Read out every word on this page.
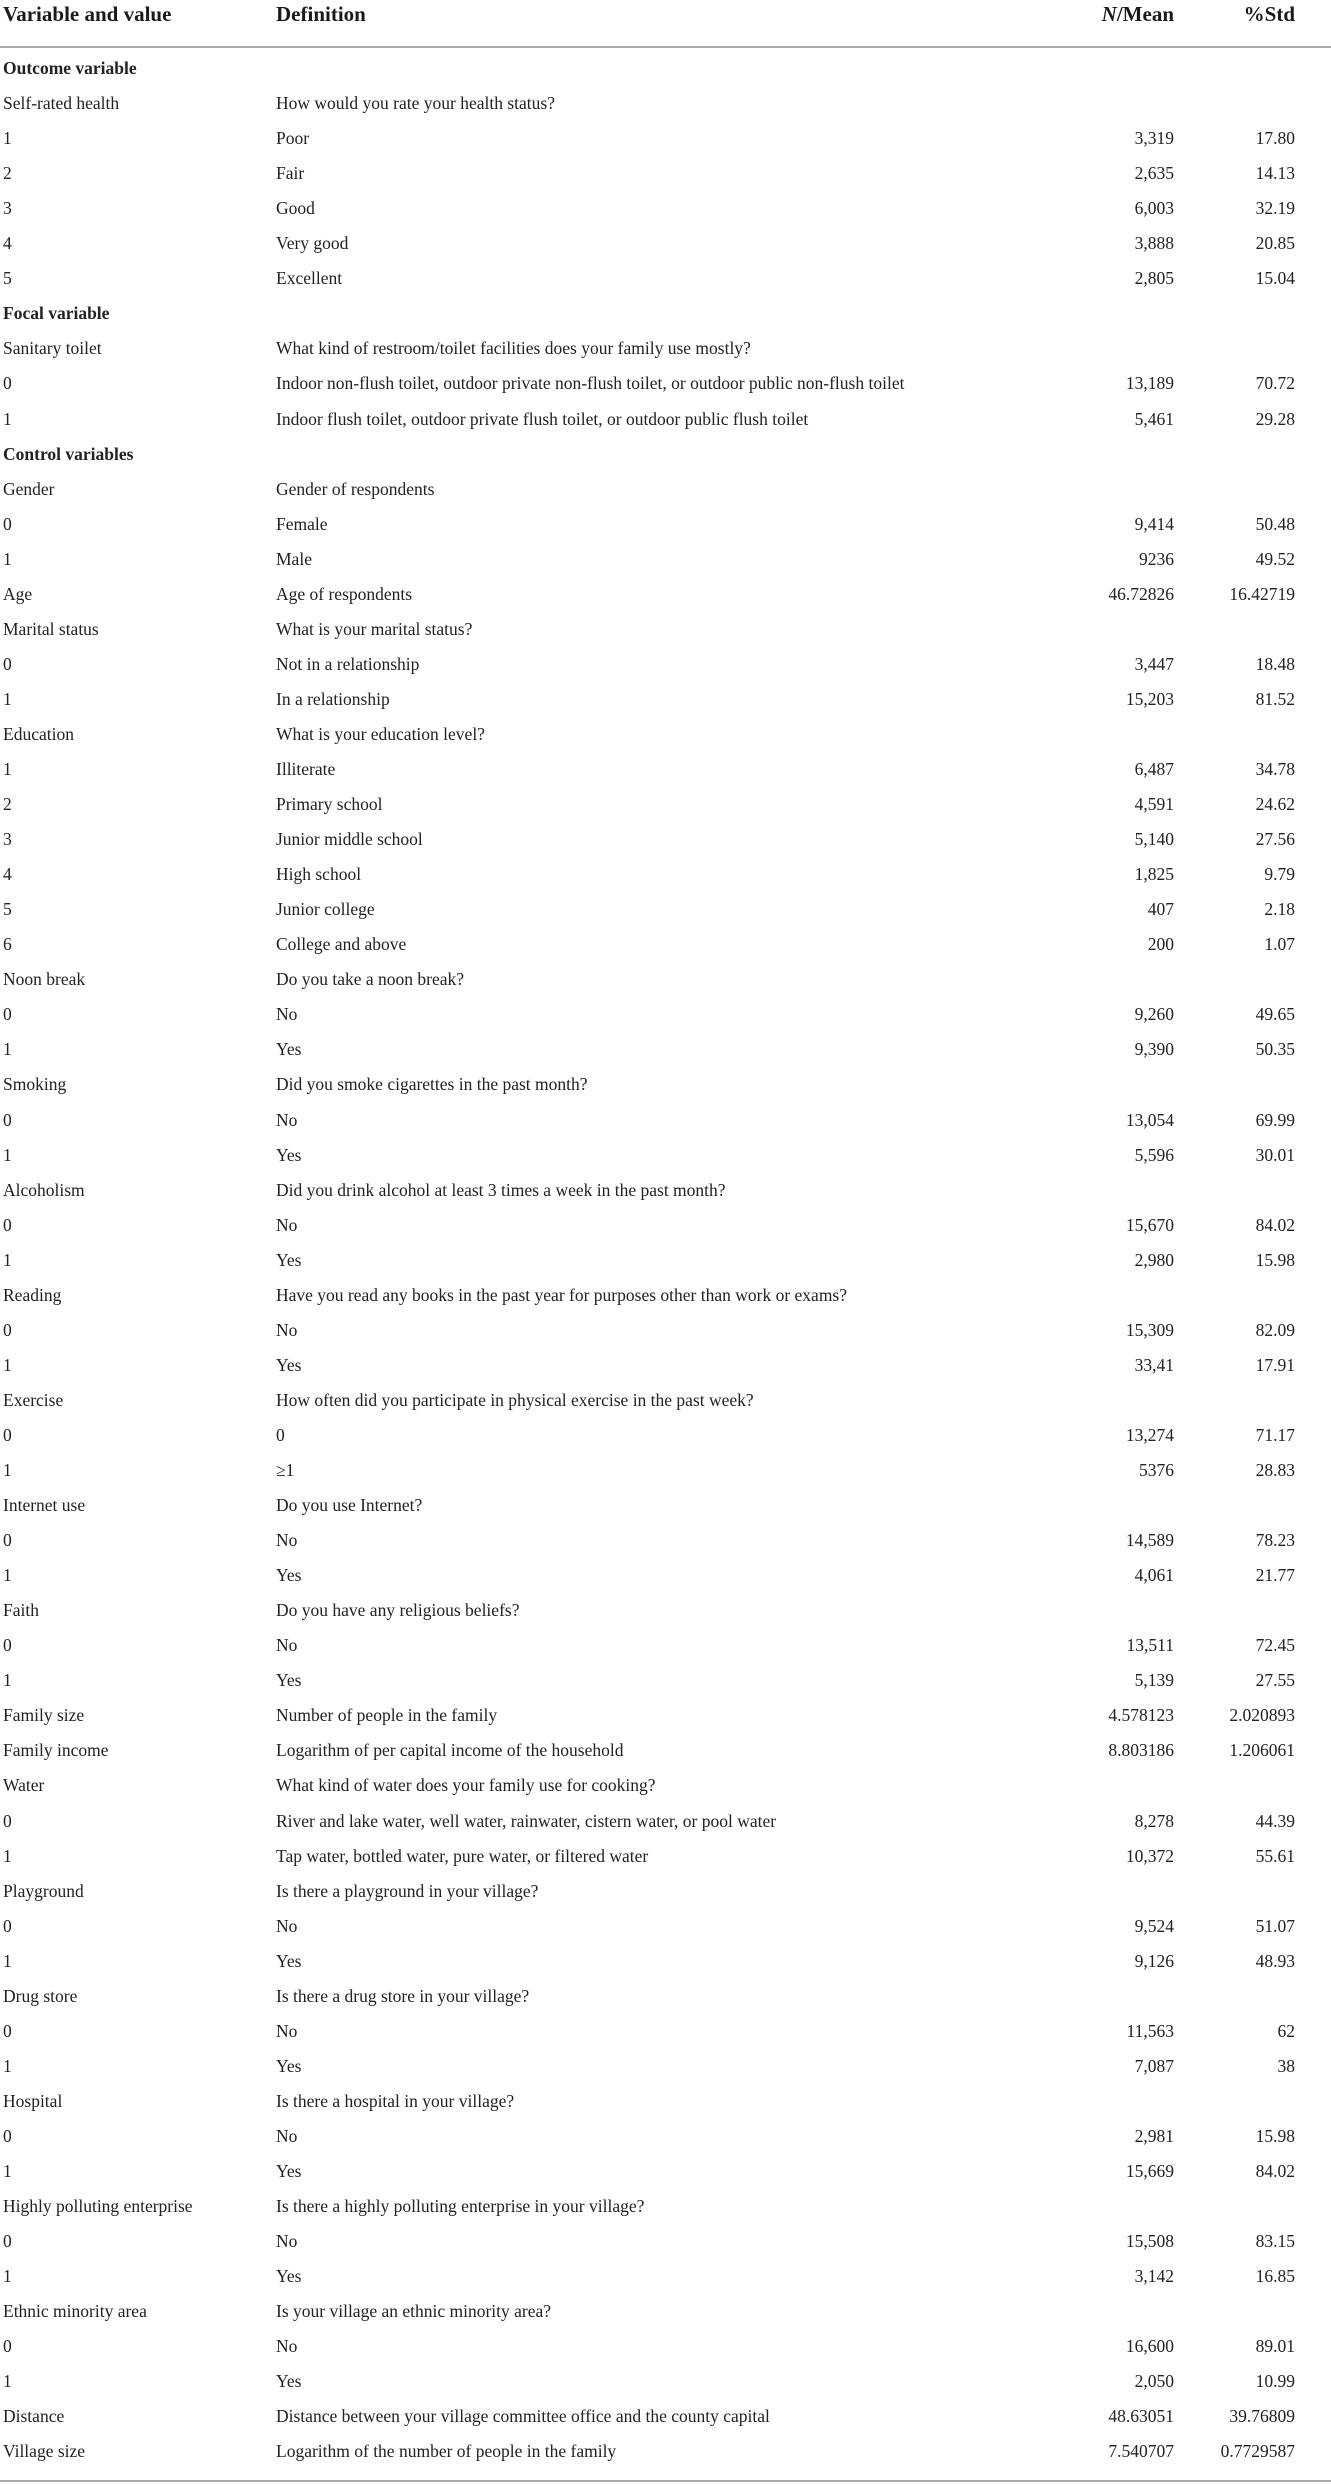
Variable and value	Definition	N/Mean	%Std
Outcome variable
Self-rated health	How would you rate your health status?
1	Poor	3,319	17.80
2	Fair	2,635	14.13
3	Good	6,003	32.19
4	Very good	3,888	20.85
5	Excellent	2,805	15.04
Focal variable
Sanitary toilet	What kind of restroom/toilet facilities does your family use mostly?
0	Indoor non-flush toilet, outdoor private non-flush toilet, or outdoor public non-flush toilet	13,189	70.72
1	Indoor flush toilet, outdoor private flush toilet, or outdoor public flush toilet	5,461	29.28
Control variables
Gender	Gender of respondents
0	Female	9,414	50.48
1	Male	9236	49.52
Age	Age of respondents	46.72826	16.42719
Marital status	What is your marital status?
0	Not in a relationship	3,447	18.48
1	In a relationship	15,203	81.52
Education	What is your education level?
1	Illiterate	6,487	34.78
2	Primary school	4,591	24.62
3	Junior middle school	5,140	27.56
4	High school	1,825	9.79
5	Junior college	407	2.18
6	College and above	200	1.07
Noon break	Do you take a noon break?
0	No	9,260	49.65
1	Yes	9,390	50.35
Smoking	Did you smoke cigarettes in the past month?
0	No	13,054	69.99
1	Yes	5,596	30.01
Alcoholism	Did you drink alcohol at least 3 times a week in the past month?
0	No	15,670	84.02
1	Yes	2,980	15.98
Reading	Have you read any books in the past year for purposes other than work or exams?
0	No	15,309	82.09
1	Yes	33,41	17.91
Exercise	How often did you participate in physical exercise in the past week?
0	0	13,274	71.17
1	≥1	5376	28.83
Internet use	Do you use Internet?
0	No	14,589	78.23
1	Yes	4,061	21.77
Faith	Do you have any religious beliefs?
0	No	13,511	72.45
1	Yes	5,139	27.55
Family size	Number of people in the family	4.578123	2.020893
Family income	Logarithm of per capital income of the household	8.803186	1.206061
Water	What kind of water does your family use for cooking?
0	River and lake water, well water, rainwater, cistern water, or pool water	8,278	44.39
1	Tap water, bottled water, pure water, or filtered water	10,372	55.61
Playground	Is there a playground in your village?
0	No	9,524	51.07
1	Yes	9,126	48.93
Drug store	Is there a drug store in your village?
0	No	11,563	62
1	Yes	7,087	38
Hospital	Is there a hospital in your village?
0	No	2,981	15.98
1	Yes	15,669	84.02
Highly polluting enterprise	Is there a highly polluting enterprise in your village?
0	No	15,508	83.15
1	Yes	3,142	16.85
Ethnic minority area	Is your village an ethnic minority area?
0	No	16,600	89.01
1	Yes	2,050	10.99
Distance	Distance between your village committee office and the county capital	48.63051	39.76809
Village size	Logarithm of the number of people in the family	7.540707	0.7729587
